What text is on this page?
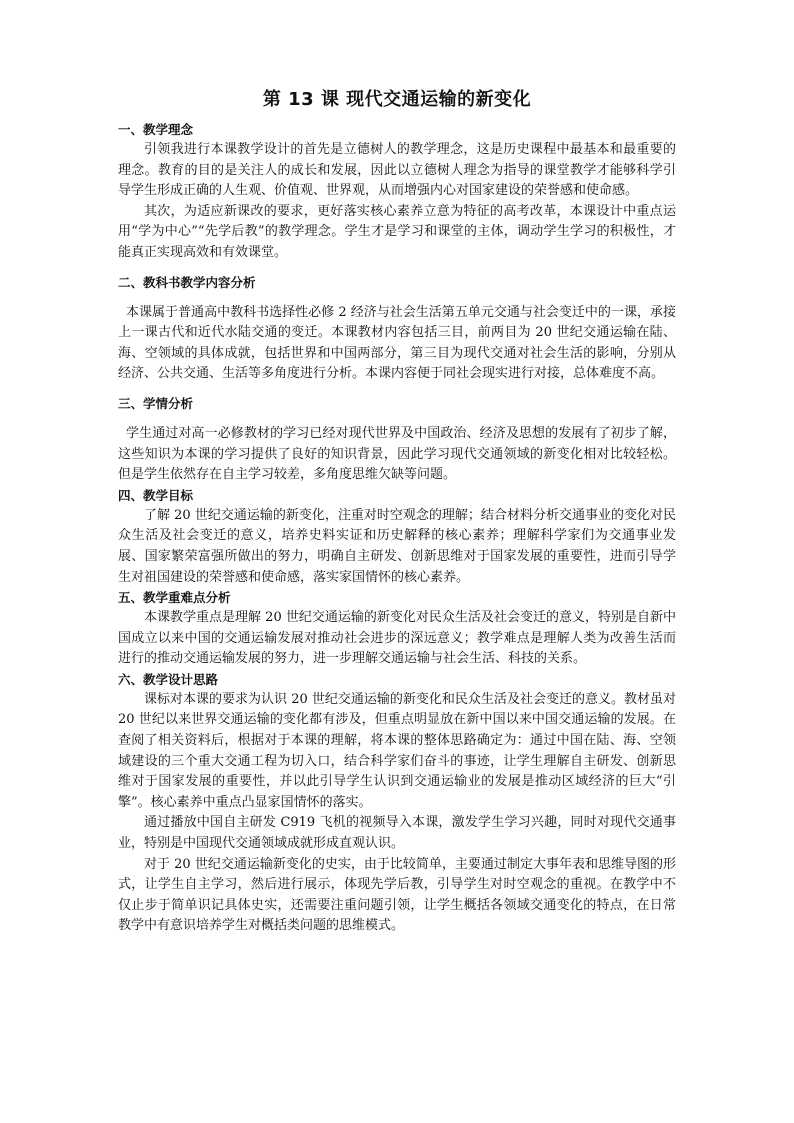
第 13 课 现代交通运输的新变化
一、教学理念

引领我进行本课教学设计的首先是立德树人的教学理念，这是历史课程中最基本和最重要的理念。教育的目的是关注人的成长和发展，因此以立德树人理念为指导的课堂教学才能够科学引导学生形成正确的人生观、价值观、世界观，从而增强内心对国家建设的荣誉感和使命感。

其次，为适应新课改的要求，更好落实核心素养立意为特征的高考改革，本课设计中重点运用“学为中心”“先学后教”的教学理念。学生才是学习和课堂的主体，调动学生学习的积极性，才能真正实现高效和有效课堂。

二、教科书教学内容分析

本课属于普通高中教科书选择性必修 2 经济与社会生活第五单元交通与社会变迁中的一课，承接上一课古代和近代水陆交通的变迁。本课教材内容包括三目，前两目为 20 世纪交通运输在陆、海、空领域的具体成就，包括世界和中国两部分，第三目为现代交通对社会生活的影响，分别从经济、公共交通、生活等多角度进行分析。本课内容便于同社会现实进行对接，总体难度不高。

三、学情分析

学生通过对高一必修教材的学习已经对现代世界及中国政治、经济及思想的发展有了初步了解，这些知识为本课的学习提供了良好的知识背景，因此学习现代交通领域的新变化相对比较轻松。但是学生依然存在自主学习较差，多角度思维欠缺等问题。

四、教学目标

了解 20 世纪交通运输的新变化，注重对时空观念的理解；结合材料分析交通事业的变化对民众生活及社会变迁的意义，培养史料实证和历史解释的核心素养；理解科学家们为交通事业发展、国家繁荣富强所做出的努力，明确自主研发、创新思维对于国家发展的重要性，进而引导学生对祖国建设的荣誉感和使命感，落实家国情怀的核心素养。

五、教学重难点分析

本课教学重点是理解 20 世纪交通运输的新变化对民众生活及社会变迁的意义，特别是自新中国成立以来中国的交通运输发展对推动社会进步的深远意义；教学难点是理解人类为改善生活而进行的推动交通运输发展的努力，进一步理解交通运输与社会生活、科技的关系。

六、教学设计思路

课标对本课的要求为认识 20 世纪交通运输的新变化和民众生活及社会变迁的意义。教材虽对 20 世纪以来世界交通运输的变化都有涉及，但重点明显放在新中国以来中国交通运输的发展。在查阅了相关资料后，根据对于本课的理解，将本课的整体思路确定为：通过中国在陆、海、空领域建设的三个重大交通工程为切入口，结合科学家们奋斗的事迹，让学生理解自主研发、创新思维对于国家发展的重要性，并以此引导学生认识到交通运输业的发展是推动区域经济的巨大“引擎”。核心素养中重点凸显家国情怀的落实。

通过播放中国自主研发 C919 飞机的视频导入本课，激发学生学习兴趣，同时对现代交通事业，特别是中国现代交通领域成就形成直观认识。

对于 20 世纪交通运输新变化的史实，由于比较简单，主要通过制定大事年表和思维导图的形式，让学生自主学习，然后进行展示，体现先学后教，引导学生对时空观念的重视。在教学中不仅止步于简单识记具体史实，还需要注重问题引领，让学生概括各领域交通变化的特点，在日常教学中有意识培养学生对概括类问题的思维模式。
